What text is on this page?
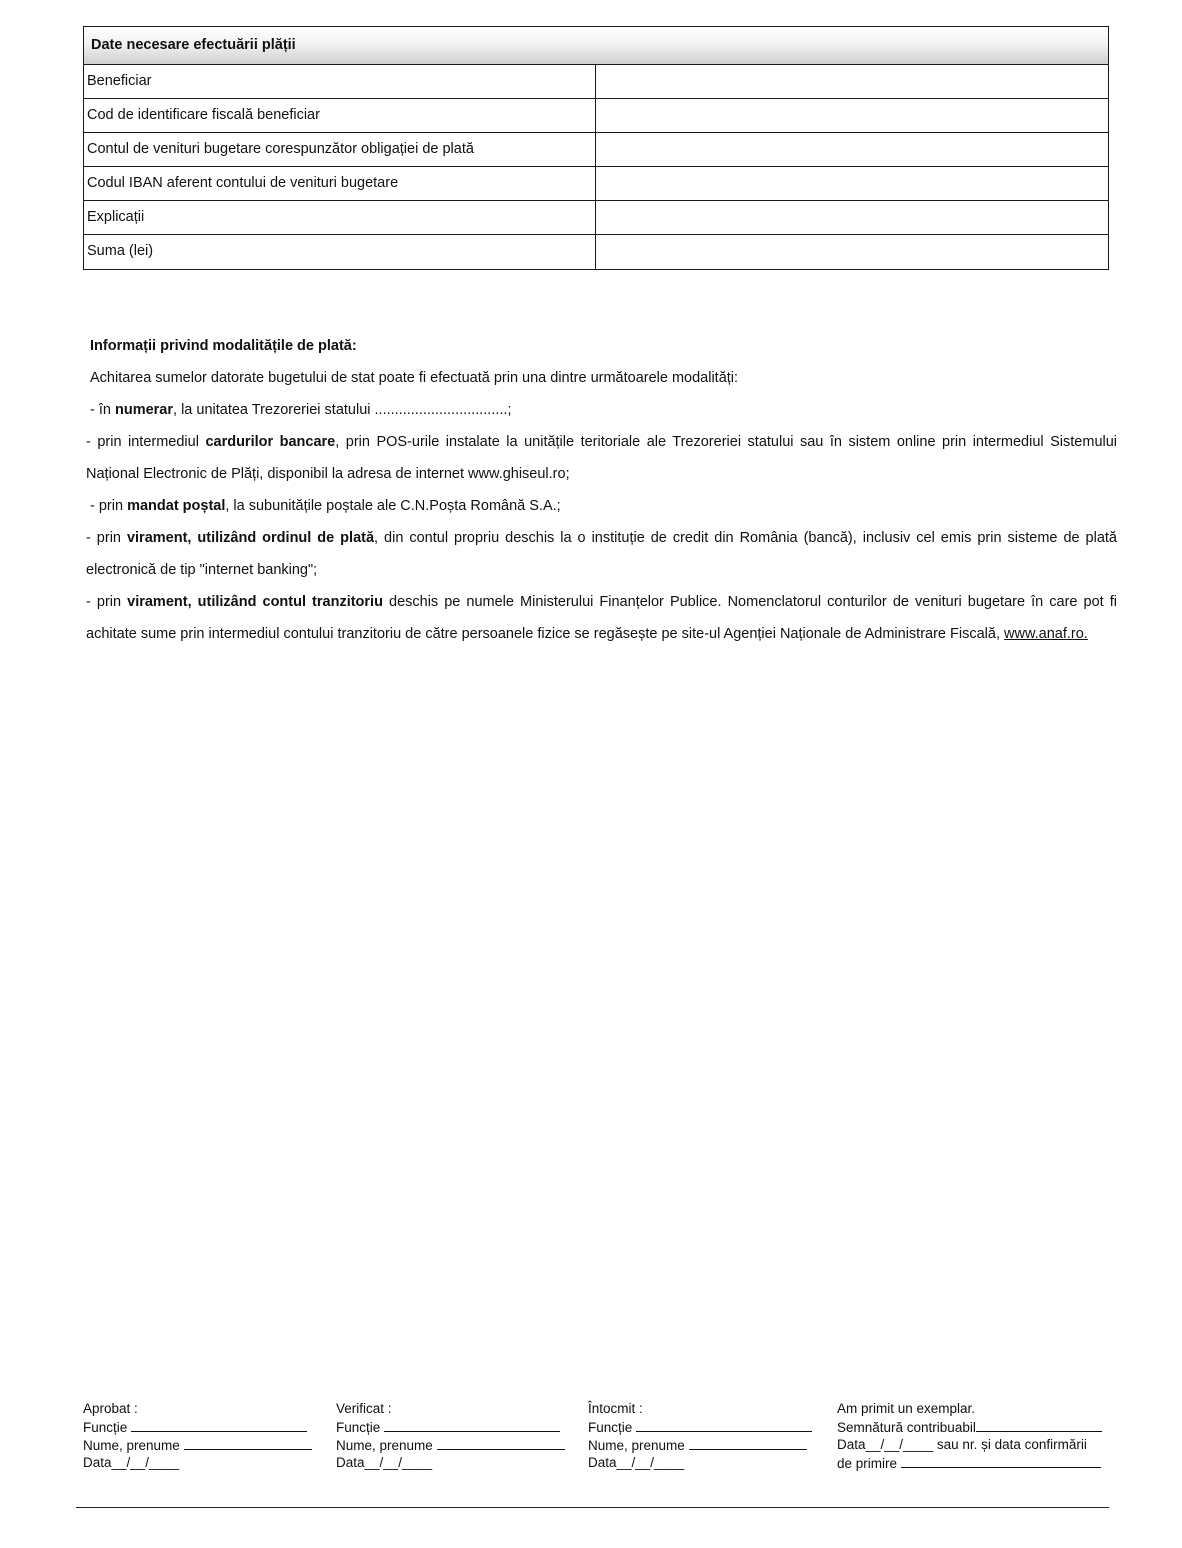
Date necesare efectuării plății
Beneficiar
Cod de identificare fiscală beneficiar
Contul de venituri bugetare corespunzător obligației de plată
Codul IBAN aferent contului de venituri bugetare
Explicații
Suma (lei)

Informații privind modalitățile de plată:

Achitarea sumelor datorate bugetului de stat poate fi efectuată prin una dintre următoarele modalități:

- în numerar, la unitatea Trezoreriei statului .................................;

- prin intermediul cardurilor bancare, prin POS-urile instalate la unitățile teritoriale ale Trezoreriei statului sau în sistem online prin intermediul Sistemului Național Electronic de Plăți, disponibil la adresa de internet www.ghiseul.ro;

- prin mandat poștal, la subunitățile poștale ale C.N.Poșta Română S.A.;

- prin virament, utilizând ordinul de plată, din contul propriu deschis la o instituție de credit din România (bancă), inclusiv cel emis prin sisteme de plată electronică de tip "internet banking";

- prin virament, utilizând contul tranzitoriu deschis pe numele Ministerului Finanțelor Publice. Nomenclatorul conturilor de venituri bugetare în care pot fi achitate sume prin intermediul contului tranzitoriu de către persoanele fizice se regăsește pe site-ul Agenției Naționale de Administrare Fiscală, www.anaf.ro.

Aprobat :
Funcție
Nume, prenume
Data__/__/____
Verificat :
Funcție
Nume, prenume
Data__/__/____
Întocmit :
Funcție
Nume, prenume
Data__/__/____
Am primit un exemplar.
Semnătură contribuabil
Data__/__/____ sau nr. și data confirmării
de primire
